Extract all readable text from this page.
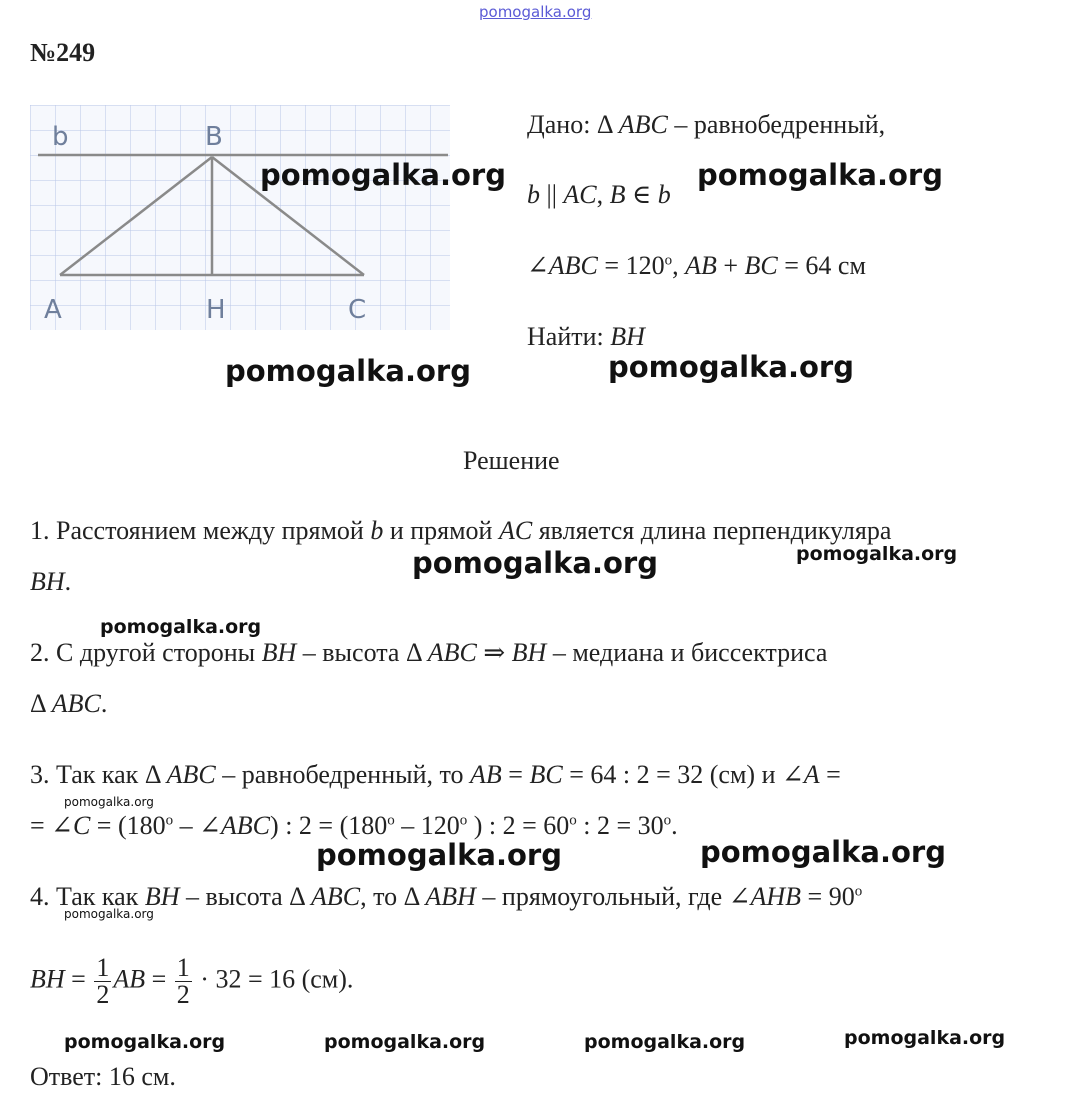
pomogalka.org
№249
b	B
A	H	C
Дано: Δ ABC – равнобедренный,
b || AC, B ∈ b
∠ABC = $120^о$, AB + BC = 64 см
Найти: BH
Решение
1. Расстоянием между прямой b и прямой AC является длина перпендикуляра
BH.
2. С другой стороны BH – высота Δ ABC ⇒ BH – медиана и биссектриса
Δ ABC.
3. Так как Δ ABC – равнобедренный, то AB = BC = 64 : 2 = 32 (см) и ∠A =
= ∠C = ($180^о$ – ∠ABC) : $2 = (180^о - 120^о$ ) : $2 = 60^о$ : $2 = 30^о$.
4. Так как BH – высота Δ ABC, то Δ ABH – прямоугольный, где ∠AHB = $90^о$
BH = $\frac{1}{2}$ AB = $\frac{1}{2} \cdot 32 = 16$ (см).
Ответ: 16 см.
pomogalka.org	pomogalka.org
pomogalka.org	pomogalka.org
pomogalka.org	pomogalka.org
pomogalka.org
pomogalka.org
pomogalka.org	pomogalka.org
pomogalka.org
pomogalka.org	pomogalka.org	pomogalka.org	pomogalka.org
